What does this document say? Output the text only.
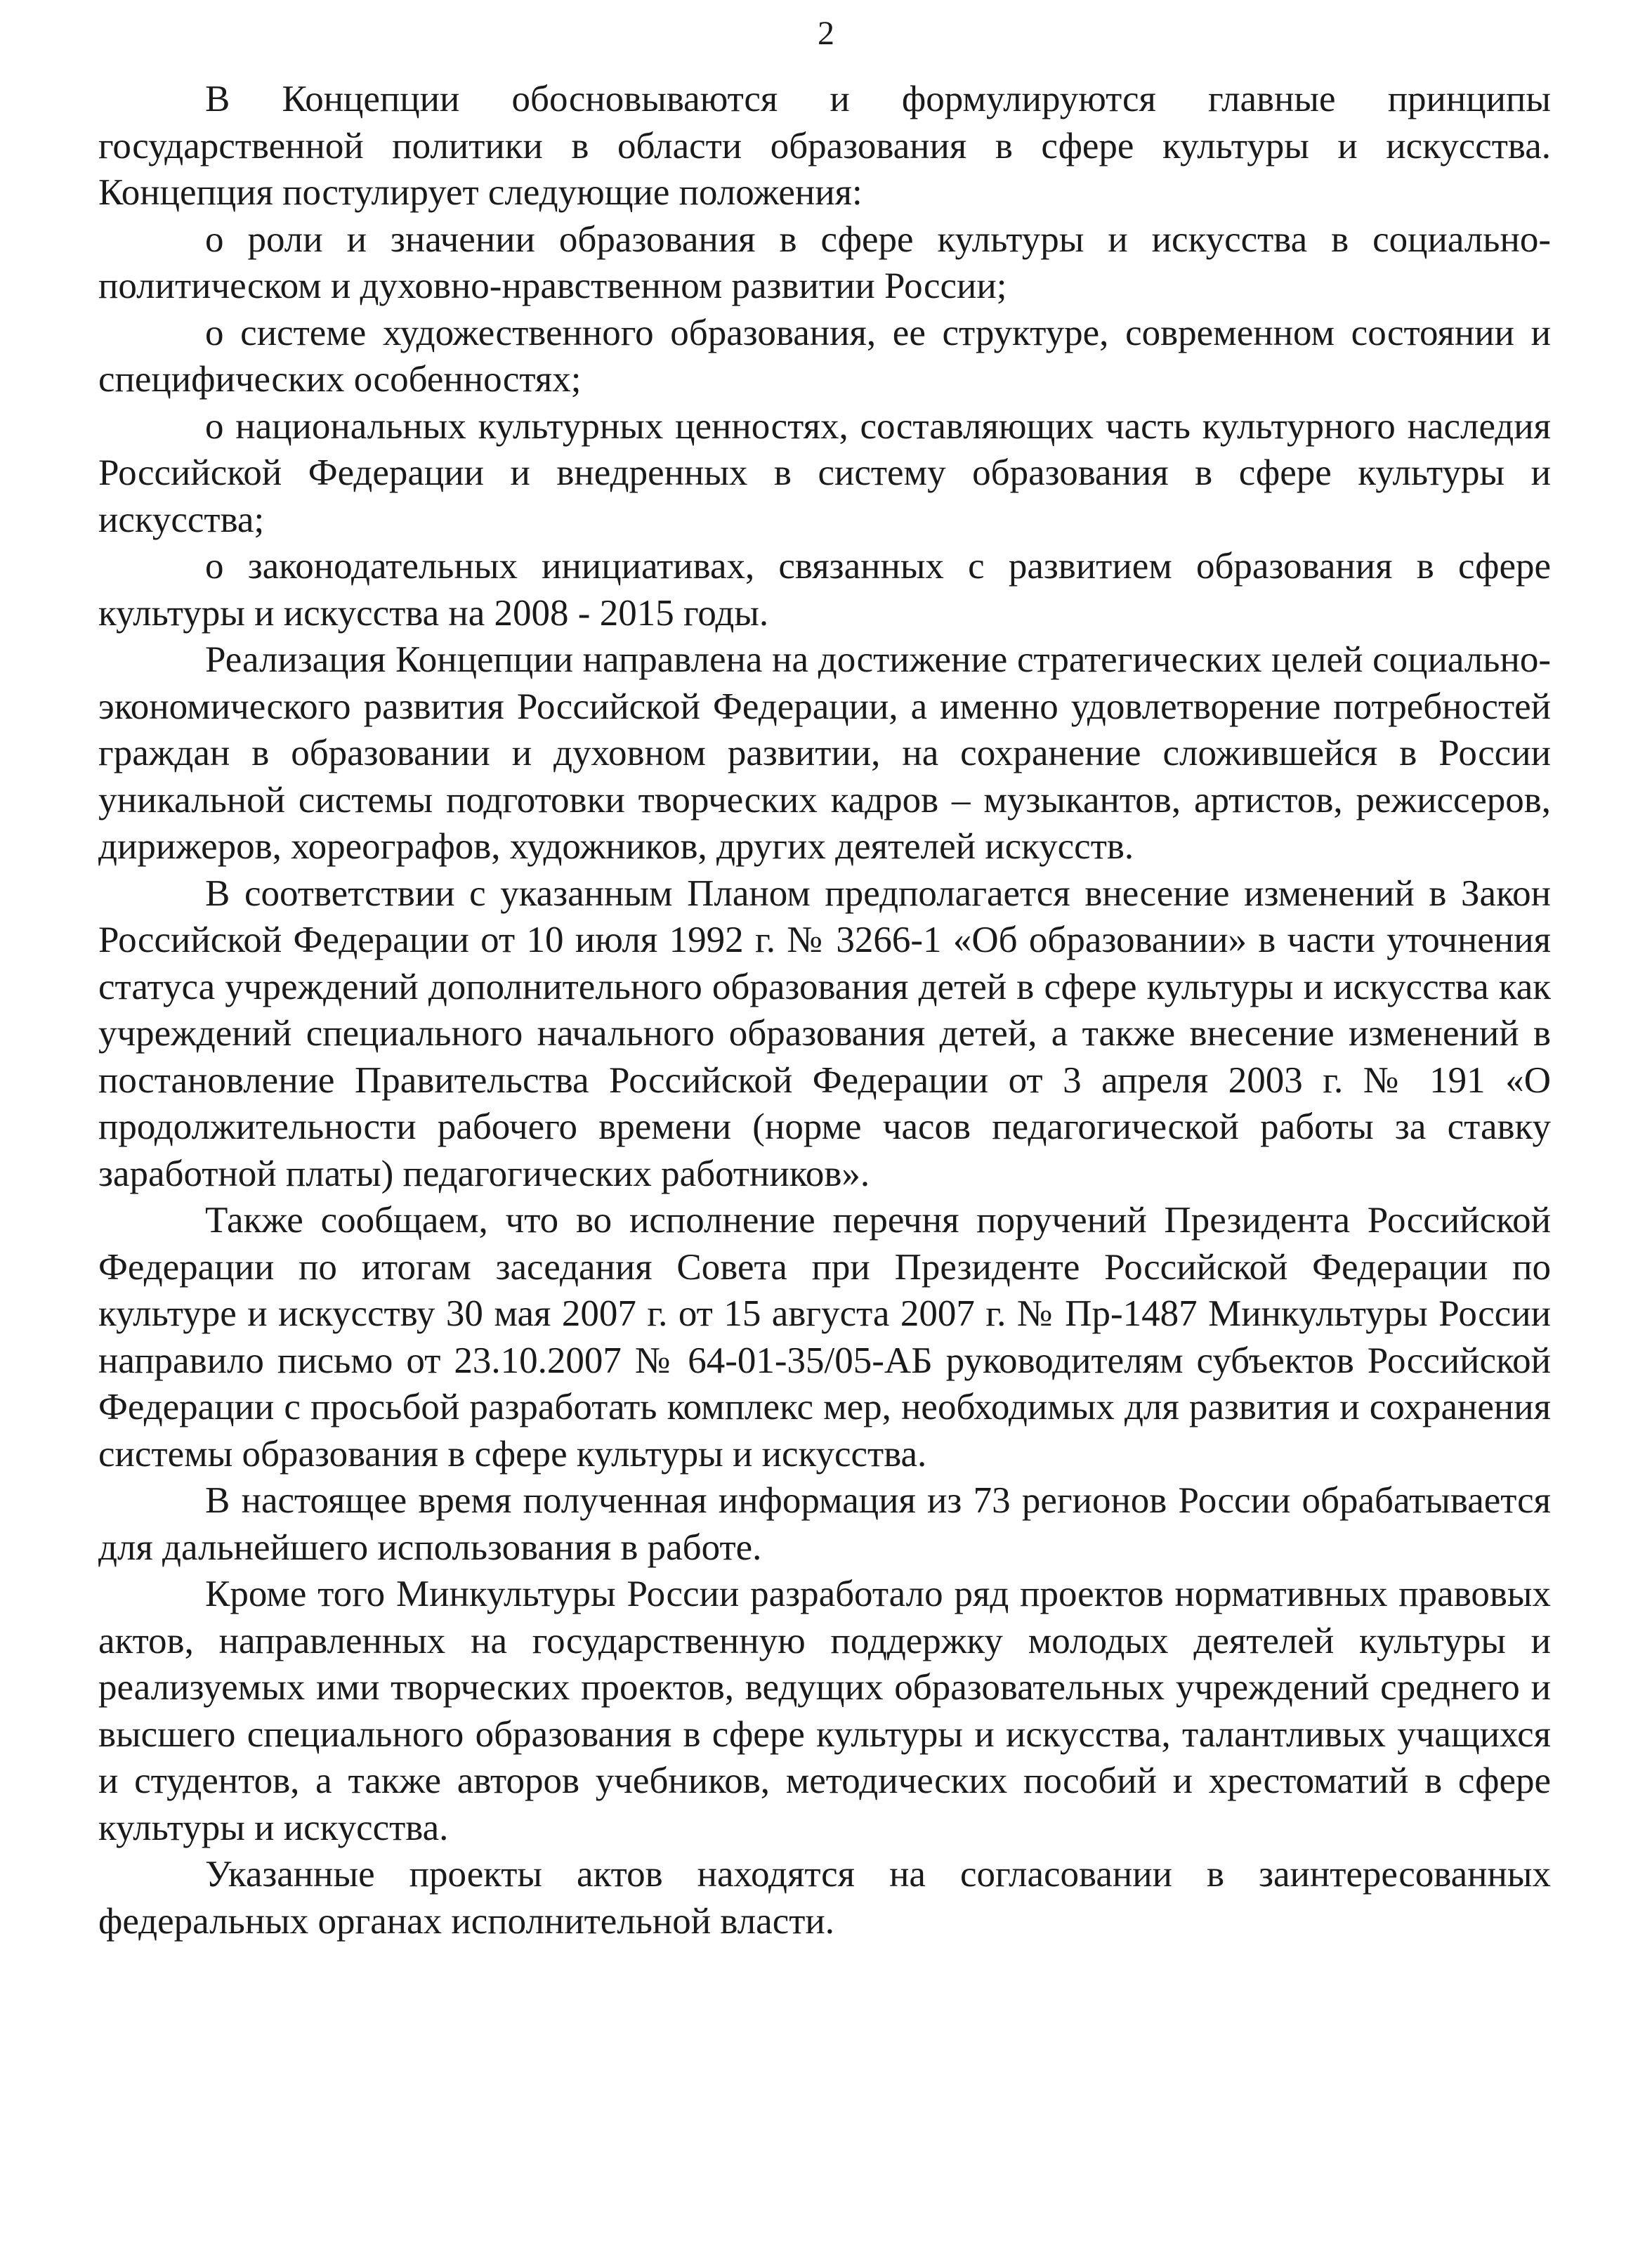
2

В Концепции обосновываются и формулируются главные принципы государственной политики в области образования в сфере культуры и искусства. Концепция постулирует следующие положения:

о роли и значении образования в сфере культуры и искусства в социально-политическом и духовно-нравственном развитии России;

о системе художественного образования, ее структуре, современном состоянии и специфических особенностях;

о национальных культурных ценностях, составляющих часть культурного наследия Российской Федерации и внедренных в систему образования в сфере культуры и искусства;

о законодательных инициативах, связанных с развитием образования в сфере культуры и искусства на 2008 - 2015 годы.

Реализация Концепции направлена на достижение стратегических целей социально-экономического развития Российской Федерации, а именно удовлетворение потребностей граждан в образовании и духовном развитии, на сохранение сложившейся в России уникальной системы подготовки творческих кадров – музыкантов, артистов, режиссеров, дирижеров, хореографов, художников, других деятелей искусств.

В соответствии с указанным Планом предполагается внесение изменений в Закон Российской Федерации от 10 июля 1992 г. № 3266-1 «Об образовании» в части уточнения статуса учреждений дополнительного образования детей в сфере культуры и искусства как учреждений специального начального образования детей, а также внесение изменений в постановление Правительства Российской Федерации от 3 апреля 2003 г. № 191 «О продолжительности рабочего времени (норме часов педагогической работы за ставку заработной платы) педагогических работников».

Также сообщаем, что во исполнение перечня поручений Президента Российской Федерации по итогам заседания Совета при Президенте Российской Федерации по культуре и искусству 30 мая 2007 г. от 15 августа 2007 г. № Пр-1487 Минкультуры России направило письмо от 23.10.2007 № 64-01-35/05-АБ руководителям субъектов Российской Федерации с просьбой разработать комплекс мер, необходимых для развития и сохранения системы образования в сфере культуры и искусства.

В настоящее время полученная информация из 73 регионов России обрабатывается для дальнейшего использования в работе.

Кроме того Минкультуры России разработало ряд проектов нормативных правовых актов, направленных на государственную поддержку молодых деятелей культуры и реализуемых ими творческих проектов, ведущих образовательных учреждений среднего и высшего специального образования в сфере культуры и искусства, талантливых учащихся и студентов, а также авторов учебников, методических пособий и хрестоматий в сфере культуры и искусства.

Указанные проекты актов находятся на согласовании в заинтересованных федеральных органах исполнительной власти.
